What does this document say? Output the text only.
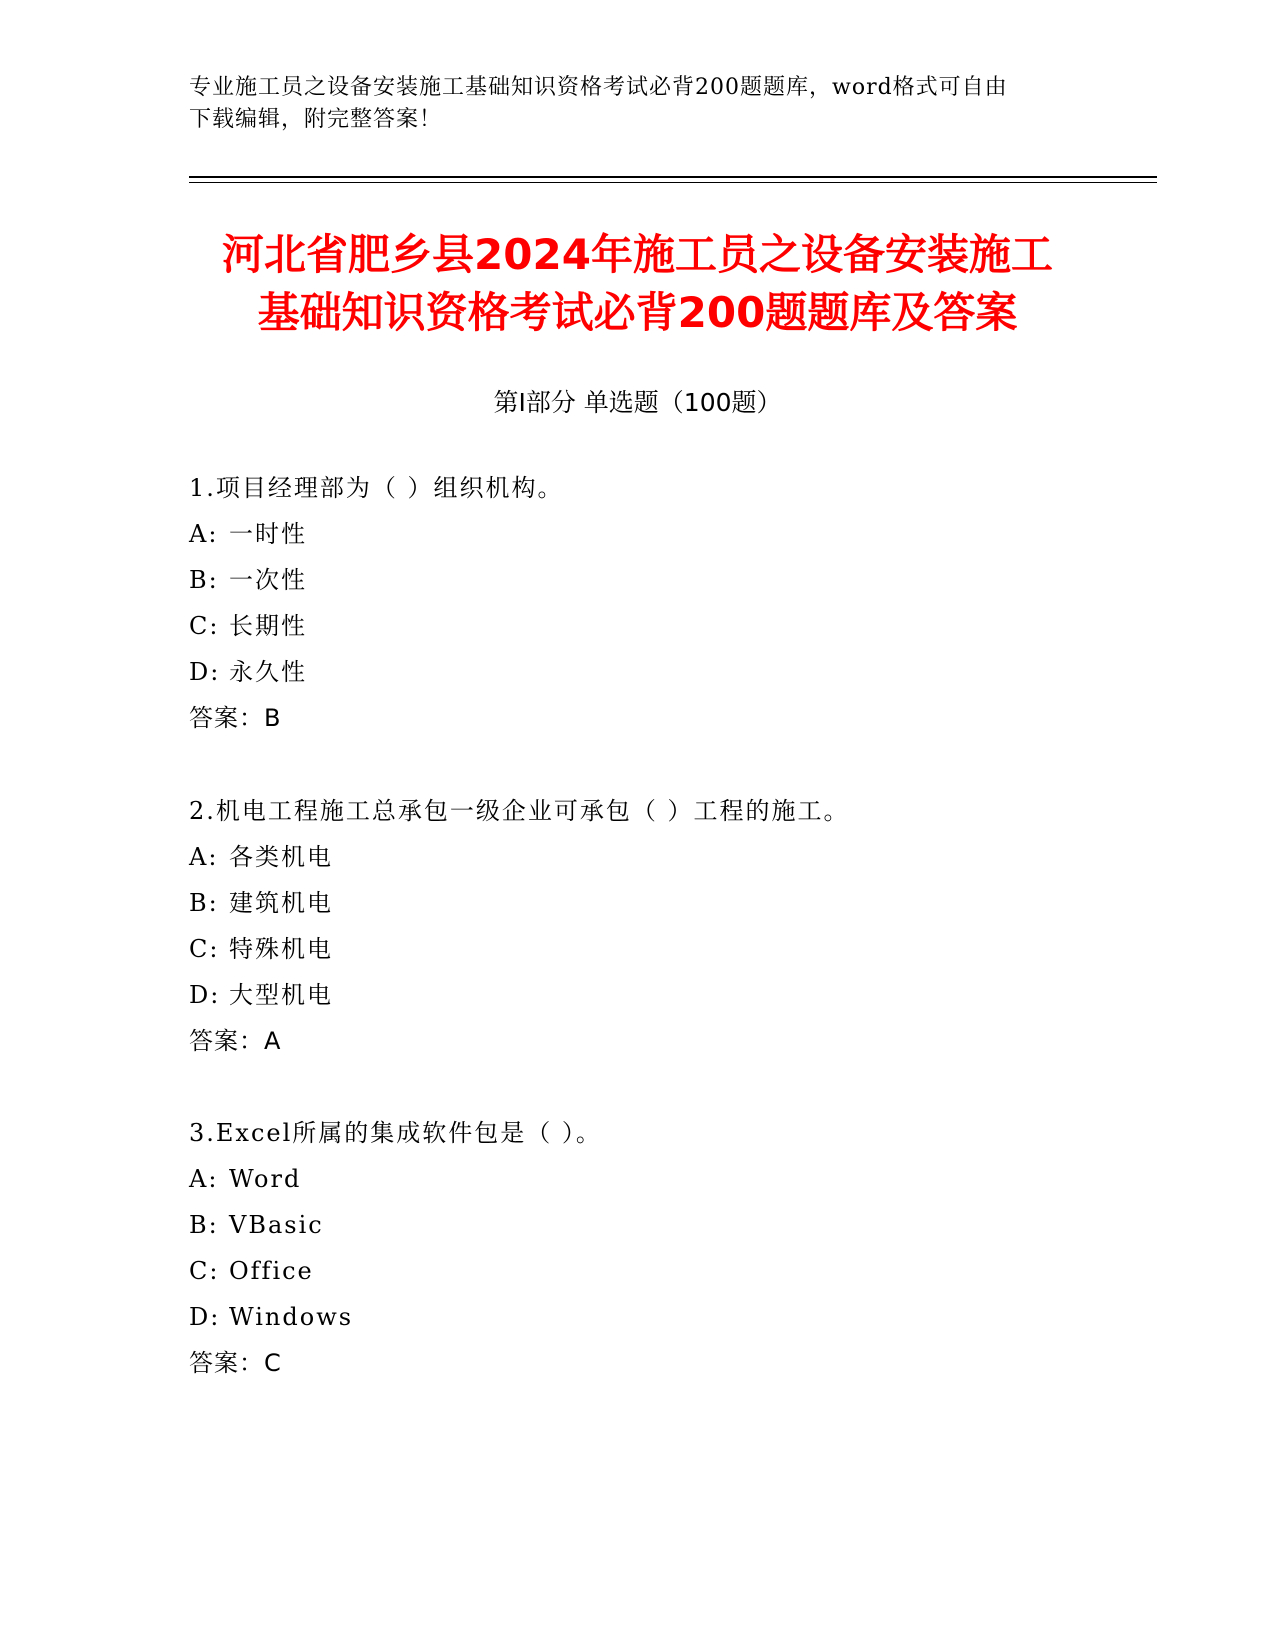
专业施工员之设备安装施工基础知识资格考试必背200题题库，word格式可自由
下载编辑，附完整答案！
河北省肥乡县2024年施工员之设备安装施工
基础知识资格考试必背200题题库及答案
第Ⅰ部分 单选题（100题）
1.项目经理部为（ ）组织机构。
A: 一时性
B: 一次性
C: 长期性
D: 永久性
答案：B
2.机电工程施工总承包一级企业可承包（ ）工程的施工。
A: 各类机电
B: 建筑机电
C: 特殊机电
D: 大型机电
答案：A
3.Excel所属的集成软件包是（ ）。
A: Word
B: VBasic
C: Office
D: Windows
答案：C
